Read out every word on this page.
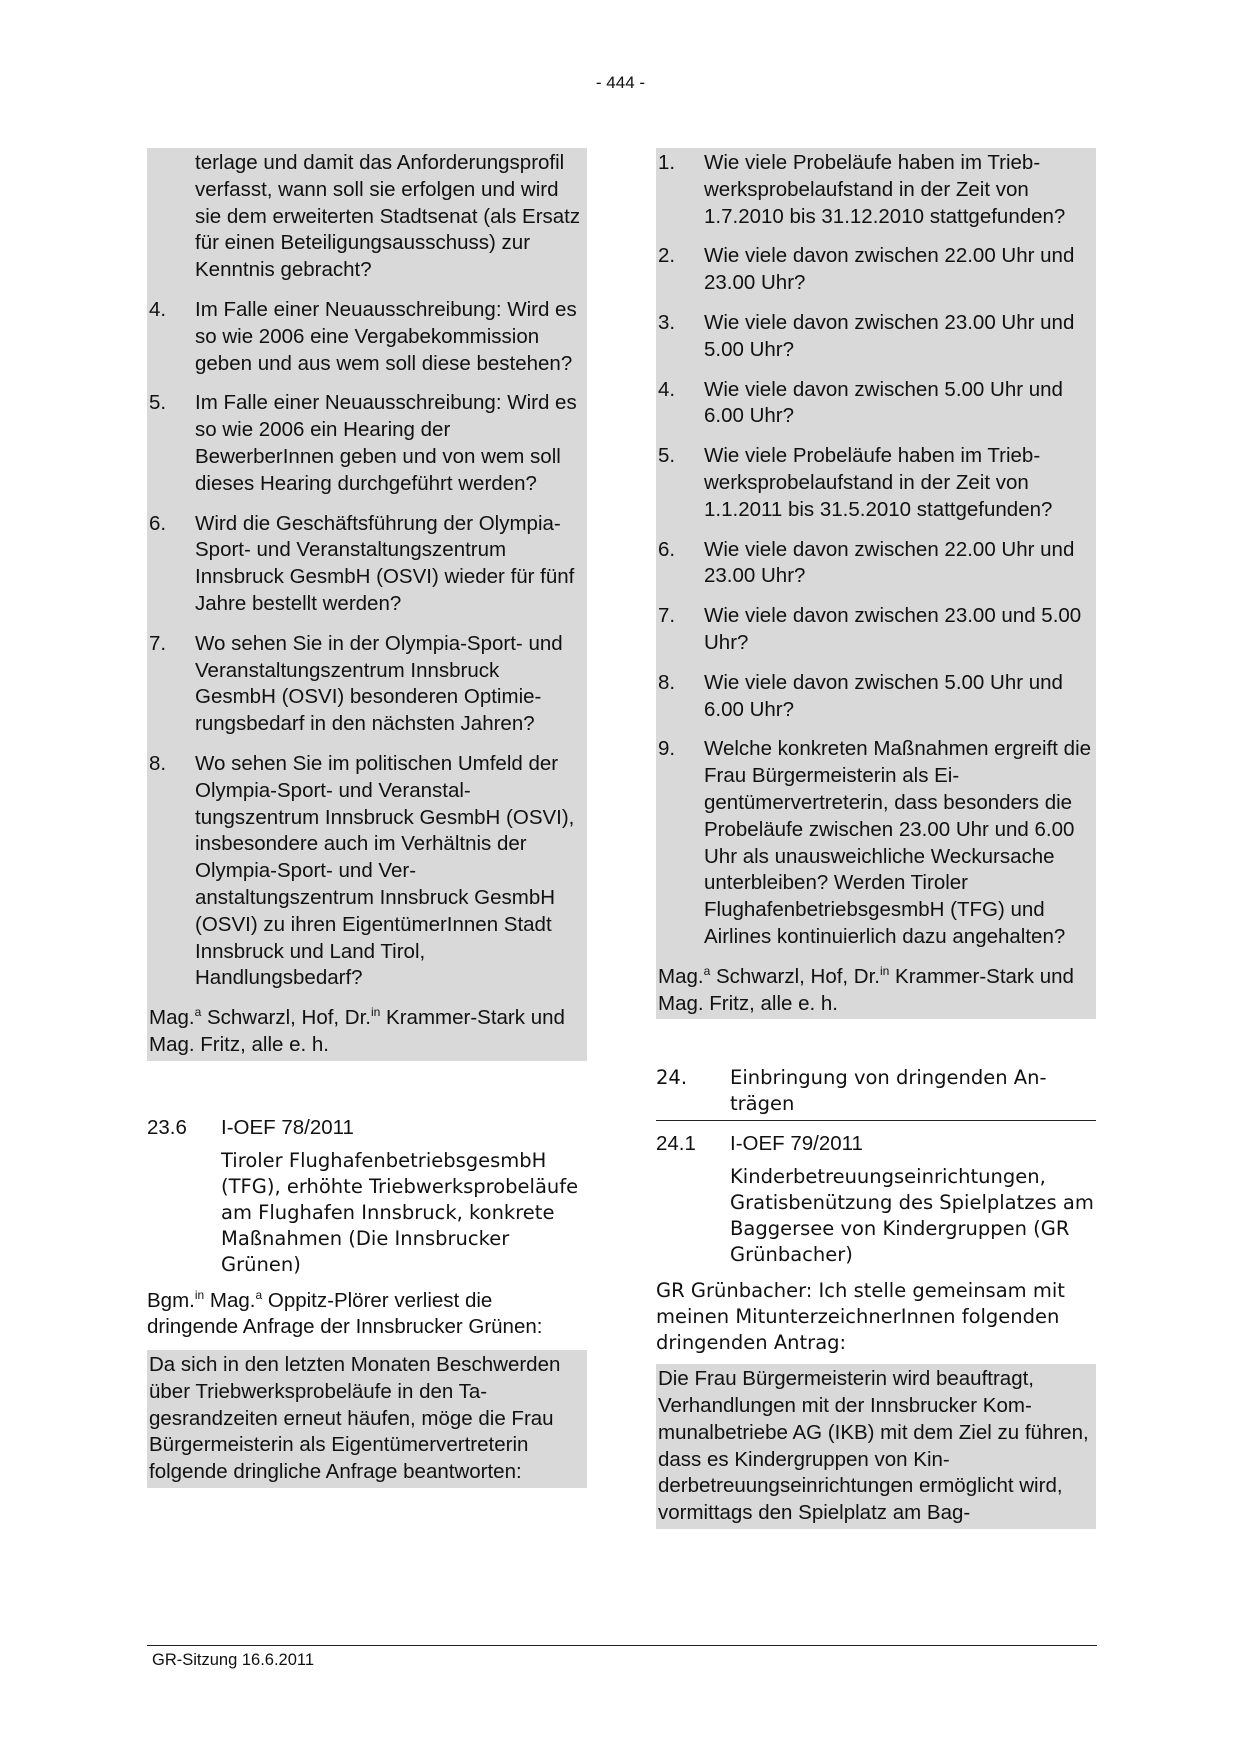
- 444 -
terlage und damit das Anforderungsprofil verfasst, wann soll sie erfolgen und wird sie dem erweiterten Stadtsenat (als Ersatz für einen Beteiligungsausschuss) zur Kenntnis gebracht?
4.	Im Falle einer Neuausschreibung: Wird es so wie 2006 eine Vergabekommission geben und aus wem soll diese bestehen?
5.	Im Falle einer Neuausschreibung: Wird es so wie 2006 ein Hearing der BewerberInnen geben und von wem soll dieses Hearing durchgeführt werden?
6.	Wird die Geschäftsführung der Olympia-Sport- und Veranstaltungszentrum Innsbruck GesmbH (OSVI) wieder für fünf Jahre bestellt werden?
7.	Wo sehen Sie in der Olympia-Sport- und Veranstaltungszentrum Innsbruck GesmbH (OSVI) besonderen Optimierungsbedarf in den nächsten Jahren?
8.	Wo sehen Sie im politischen Umfeld der Olympia-Sport- und Veranstaltungszentrum Innsbruck GesmbH (OSVI), insbesondere auch im Verhältnis der Olympia-Sport- und Veranstaltungszentrum Innsbruck GesmbH (OSVI) zu ihren EigentümerInnen Stadt Innsbruck und Land Tirol, Handlungsbedarf?
Mag.$^a$ Schwarzl, Hof, Dr.$^{in}$ Krammer-Stark und Mag. Fritz, alle e. h.
23.6	I-OEF 78/2011
Tiroler FlughafenbetriebsgesmbH (TFG), erhöhte Triebwerksprobeläufe am Flughafen Innsbruck, konkrete Maßnahmen (Die Innsbrucker Grünen)
Bgm.$^{in}$ Mag.$^a$ Oppitz-Plörer verliest die dringende Anfrage der Innsbrucker Grünen:
Da sich in den letzten Monaten Beschwerden über Triebwerksprobeläufe in den Tagesrandzeiten erneut häufen, möge die Frau Bürgermeisterin als Eigentümervertreterin folgende dringliche Anfrage beantworten:
1.	Wie viele Probeläufe haben im Triebwerksprobelaufstand in der Zeit von 1.7.2010 bis 31.12.2010 stattgefunden?
2.	Wie viele davon zwischen 22.00 Uhr und 23.00 Uhr?
3.	Wie viele davon zwischen 23.00 Uhr und 5.00 Uhr?
4.	Wie viele davon zwischen 5.00 Uhr und 6.00 Uhr?
5.	Wie viele Probeläufe haben im Triebwerksprobelaufstand in der Zeit von 1.1.2011 bis 31.5.2010 stattgefunden?
6.	Wie viele davon zwischen 22.00 Uhr und 23.00 Uhr?
7.	Wie viele davon zwischen 23.00 und 5.00 Uhr?
8.	Wie viele davon zwischen 5.00 Uhr und 6.00 Uhr?
9.	Welche konkreten Maßnahmen ergreift die Frau Bürgermeisterin als Eigentümervertreterin, dass besonders die Probeläufe zwischen 23.00 Uhr und 6.00 Uhr als unausweichliche Weckursache unterbleiben? Werden Tiroler FlughafenbetriebsgesmbH (TFG) und Airlines kontinuierlich dazu angehalten?
Mag.$^a$ Schwarzl, Hof, Dr.$^{in}$ Krammer-Stark und Mag. Fritz, alle e. h.
24.	Einbringung von dringenden Anträgen
24.1	I-OEF 79/2011
Kinderbetreuungseinrichtungen, Gratisbenützung des Spielplatzes am Baggersee von Kindergruppen (GR Grünbacher)
GR Grünbacher: Ich stelle gemeinsam mit meinen MitunterzeichnerInnen folgenden dringenden Antrag:
Die Frau Bürgermeisterin wird beauftragt, Verhandlungen mit der Innsbrucker Kommunalbetriebe AG (IKB) mit dem Ziel zu führen, dass es Kindergruppen von Kinderbetreuungseinrichtungen ermöglicht wird, vormittags den Spielplatz am Bag-
GR-Sitzung 16.6.2011
